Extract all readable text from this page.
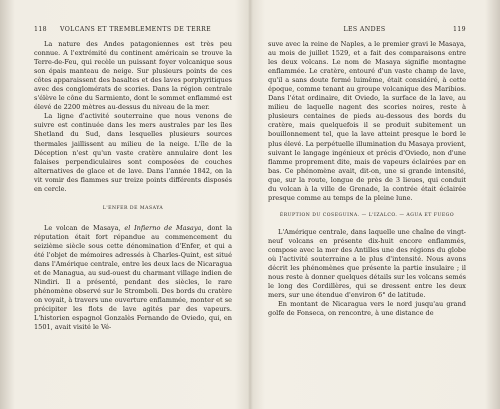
118 VOLCANS ET TREMBLEMENTS DE TERRE

La nature des Andes patagoniennes est très peu connue. A l'extrémité du continent américain se trouve la Terre-de-Feu, qui recèle un puissant foyer volcanique sous son épais manteau de neige. Sur plusieurs points de ces côtes apparaissent des basaltes et des laves porphyritiques avec des conglomérats de scories. Dans la région centrale s'élève le cône du Sarmiento, dont le sommet enflammé est élevé de 2200 mètres au-dessus du niveau de la mer.

La ligne d'activité souterraine que nous venons de suivre est continuée dans les mers australes par les îles Shetland du Sud, dans lesquelles plusieurs sources thermales jaillissent au milieu de la neige. L'île de la Déception n'est qu'un vaste cratère annulaire dont les falaises perpendiculaires sont composées de couches alternatives de glace et de lave. Dans l'année 1842, on la vit vomir des flammes sur treize points différents disposés en cercle.

L'ENFER DE MASAYA

Le volcan de Masaya, el Infierno de Masaya, dont la réputation était fort répandue au commencement du seizième siècle sous cette dénomination d'Enfer, et qui a été l'objet de mémoires adressés à Charles-Quint, est situé dans l'Amérique centrale, entre les deux lacs de Nicaragua et de Managua, au sud-ouest du charmant village indien de Nindiri. Il a présenté, pendant des siècles, le rare phénomène observé sur le Stromboli. Des bords du cratère on voyait, à travers une ouverture enflammée, monter et se précipiter les flots de lave agités par des vapeurs. L'historien espagnol Gonzalès Fernando de Oviedo, qui, en 1501, avait visité le Vé-

LES ANDES	119

suve avec la reine de Naples, a le premier gravi le Masaya, au mois de juillet 1529, et a fait des comparaisons entre les deux volcans. Le nom de Masaya signifie montagne enflammée. Le cratère, entouré d'un vaste champ de lave, qu'il a sans doute fermé luimême, était considéré, à cette époque, comme tenant au groupe volcanique des Maribios. Dans l'état ordinaire, dit Oviedo, la surface de la lave, au milieu de laquelle nagent des scories noires, reste à plusieurs centaines de pieds au-dessous des bords du cratère, mais quelquefois il se produit subitement un bouillonnement tel, que la lave atteint presque le bord le plus élevé. La perpétuelle illumination du Masaya provient, suivant le langage ingénieux et précis d'Oviedo, non d'une flamme proprement dite, mais de vapeurs éclairées par en bas. Ce phénomène avait, dit-on, une si grande intensité, que, sur la route, longue de près de 3 lieues, qui conduit du volcan à la ville de Grenade, la contrée était éclairée presque comme au temps de la pleine lune.

ÉRUPTION DU COSEGUINA. — L'IZALCO. — AGUA ET FUEGO

L'Amérique centrale, dans laquelle une chaîne de vingt-neuf volcans en présente dix-huit encore enflammés, compose avec la mer des Antilles une des régions du globe où l'activité souterraine a le plus d'intensité. Nous avons décrit les phénomènes que présente la partie insulaire ; il nous reste à donner quelques détails sur les volcans semés le long des Cordillères, qui se dressent entre les deux mers, sur une étendue d'environ 6° de latitude.

En montant de Nicaragua vers le nord jusqu'au grand golfe de Fonseca, on rencontre, à une distance de
